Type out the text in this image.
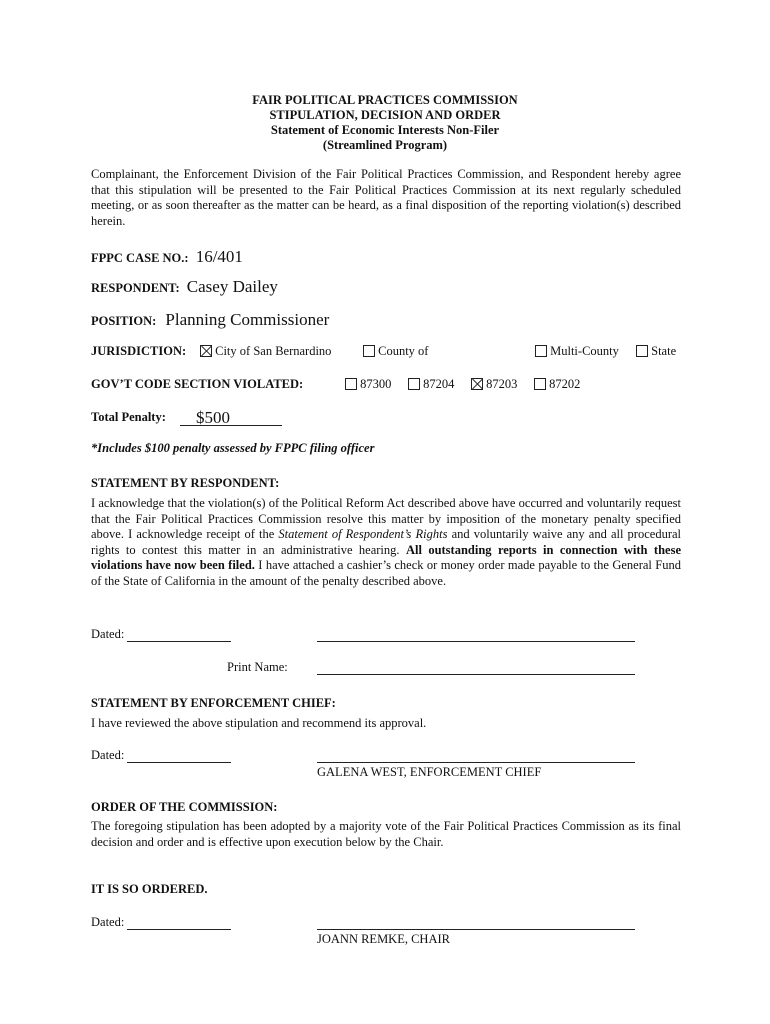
FAIR POLITICAL PRACTICES COMMISSION
STIPULATION, DECISION AND ORDER
Statement of Economic Interests Non-Filer
(Streamlined Program)
Complainant, the Enforcement Division of the Fair Political Practices Commission, and Respondent hereby agree that this stipulation will be presented to the Fair Political Practices Commission at its next regularly scheduled meeting, or as soon thereafter as the matter can be heard, as a final disposition of the reporting violation(s) described herein.
FPPC CASE NO.: 16/401
RESPONDENT: Casey Dailey
POSITION: Planning Commissioner
JURISDICTION:	City of San Bernardino	County of	Multi-County	State
GOV’T CODE SECTION VIOLATED:	87300	87204	87203	87202
Total Penalty: $500
*Includes $100 penalty assessed by FPPC filing officer
STATEMENT BY RESPONDENT:
I acknowledge that the violation(s) of the Political Reform Act described above have occurred and voluntarily request that the Fair Political Practices Commission resolve this matter by imposition of the monetary penalty specified above. I acknowledge receipt of the Statement of Respondent’s Rights and voluntarily waive any and all procedural rights to contest this matter in an administrative hearing. All outstanding reports in connection with these violations have now been filed. I have attached a cashier’s check or money order made payable to the General Fund of the State of California in the amount of the penalty described above.
Dated:
Print Name:
STATEMENT BY ENFORCEMENT CHIEF:
I have reviewed the above stipulation and recommend its approval.
Dated:
GALENA WEST, ENFORCEMENT CHIEF
ORDER OF THE COMMISSION:
The foregoing stipulation has been adopted by a majority vote of the Fair Political Practices Commission as its final decision and order and is effective upon execution below by the Chair.
IT IS SO ORDERED.
Dated:
JOANN REMKE, CHAIR
